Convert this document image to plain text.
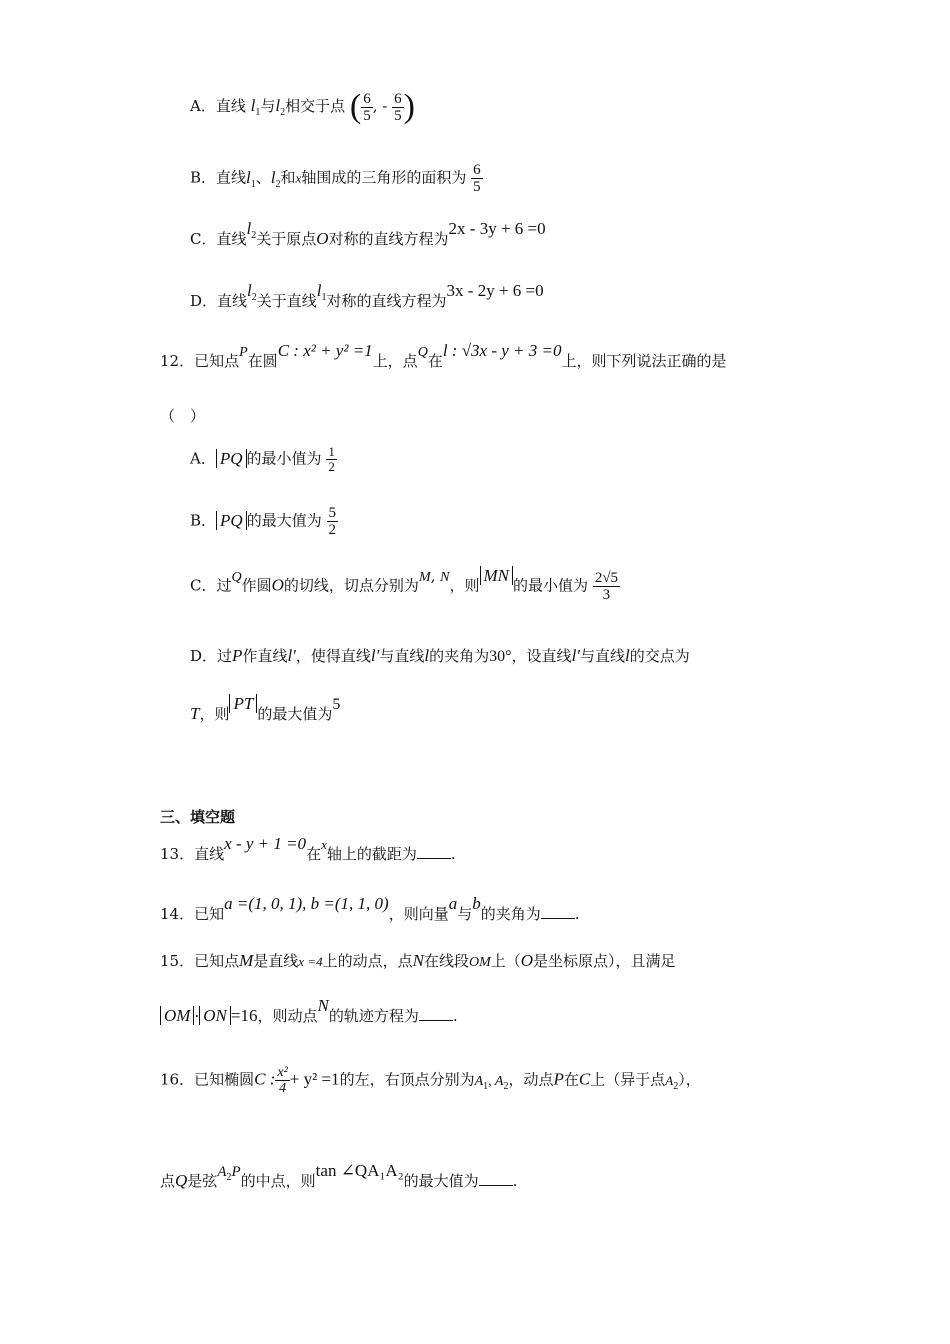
A．直线 $l_1$与$l_2$相交于点 ( $\frac{6}{5}$ , - $\frac{6}{5}$ )
B．直线$l_1$、$l_2$和x轴围成的三角形的面积为 $\frac{6}{5}$
C．直线$l_2$关于原点O对称的直线方程为2x - 3y + 6 =0
D．直线$l_2$关于直线$l_1$对称的直线方程为3x - 2y + 6 =0
12．已知点P在圆C : x² + y² =1上，点Q在l : √3x - y + 3 =0上，则下列说法正确的是
（　）
A． PQ 的最小值为 $\frac{1}{2}$
B． PQ 的最大值为 $\frac{5}{2}$
C．过Q作圆O的切线，切点分别为M, N，则MN的最小值为 $\frac{2√5}{3}$
D．过P作直线l′，使得直线l′与直线l的夹角为30°，设直线l′与直线l的交点为
T，则PT的最大值为5
三、填空题
13．直线x - y + 1 =0在x轴上的截距为 .
14．已知a =(1, 0, 1), b =(1, 1, 0)，则向量a与b的夹角为 .
15．已知点M是直线x =4上的动点，点N在线段OM上（O是坐标原点），且满足
OM · ON =16，则动点N的轨迹方程为 .
16．已知椭圆C : $\frac{\text{x²}}{4} + y^2 =1$的左，右顶点分别为$A_1$, $A_2$，动点P在C上（异于点$A_2$），
点Q是弦$A_2P$的中点，则tan ∠QA₁A₂的最大值为 .
